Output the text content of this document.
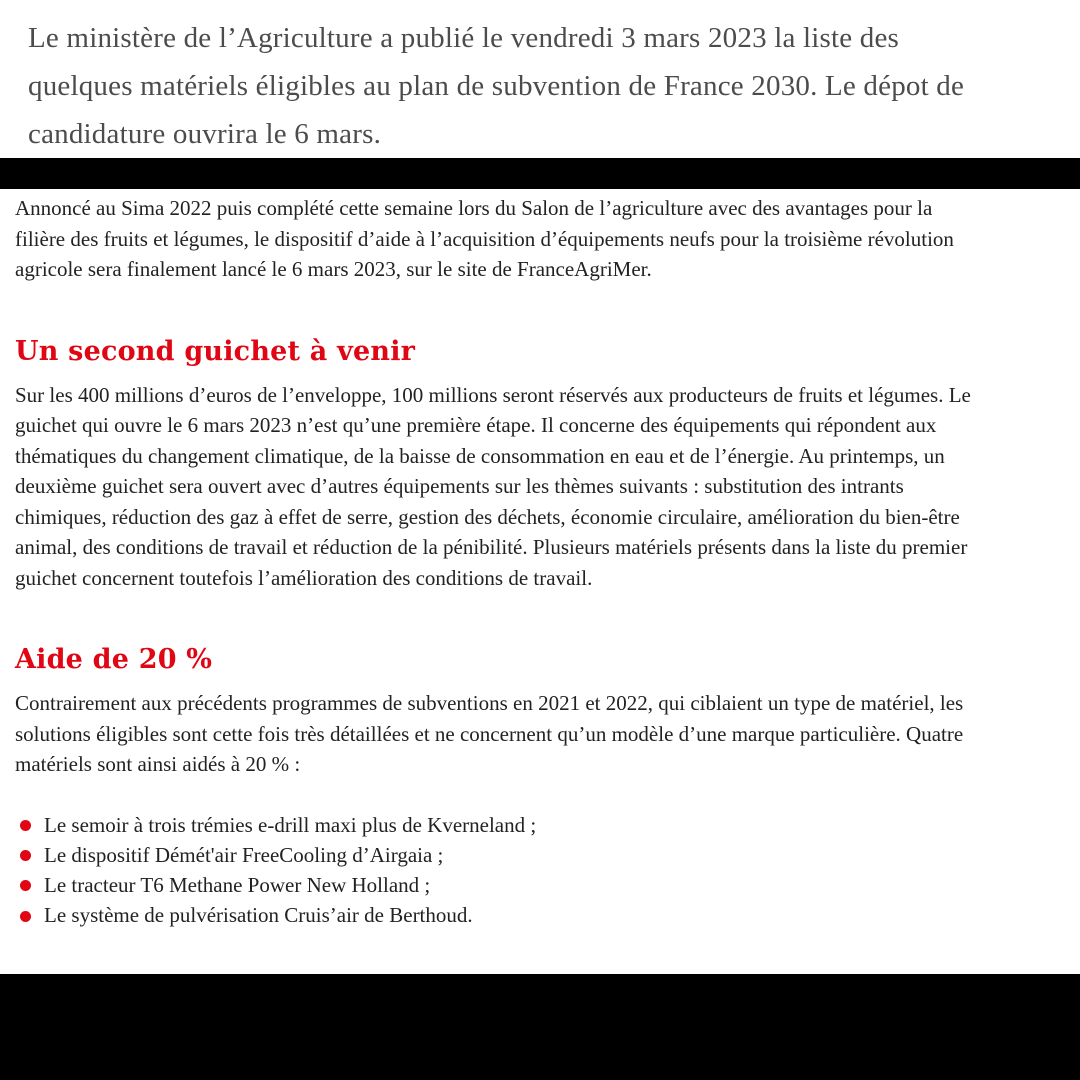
Le ministère de l’Agriculture a publié le vendredi 3 mars 2023 la liste des quelques matériels éligibles au plan de subvention de France 2030. Le dépot de candidature ouvrira le 6 mars.

Annoncé au Sima 2022 puis complété cette semaine lors du Salon de l’agriculture avec des avantages pour la filière des fruits et légumes, le dispositif d’aide à l’acquisition d’équipements neufs pour la troisième révolution agricole sera finalement lancé le 6 mars 2023, sur le site de FranceAgriMer.

Un second guichet à venir

Sur les 400 millions d’euros de l’enveloppe, 100 millions seront réservés aux producteurs de fruits et légumes. Le guichet qui ouvre le 6 mars 2023 n’est qu’une première étape. Il concerne des équipements qui répondent aux thématiques du changement climatique, de la baisse de consommation en eau et de l’énergie. Au printemps, un deuxième guichet sera ouvert avec d’autres équipements sur les thèmes suivants : substitution des intrants chimiques, réduction des gaz à effet de serre, gestion des déchets, économie circulaire, amélioration du bien-être animal, des conditions de travail et réduction de la pénibilité. Plusieurs matériels présents dans la liste du premier guichet concernent toutefois l’amélioration des conditions de travail.

Aide de 20 %

Contrairement aux précédents programmes de subventions en 2021 et 2022, qui ciblaient un type de matériel, les solutions éligibles sont cette fois très détaillées et ne concernent qu’un modèle d’une marque particulière. Quatre matériels sont ainsi aidés à 20 % :

Le semoir à trois trémies e-drill maxi plus de Kverneland ;
Le dispositif Démét'air FreeCooling d’Airgaia ;
Le tracteur T6 Methane Power New Holland ;
Le système de pulvérisation Cruis’air de Berthoud.
